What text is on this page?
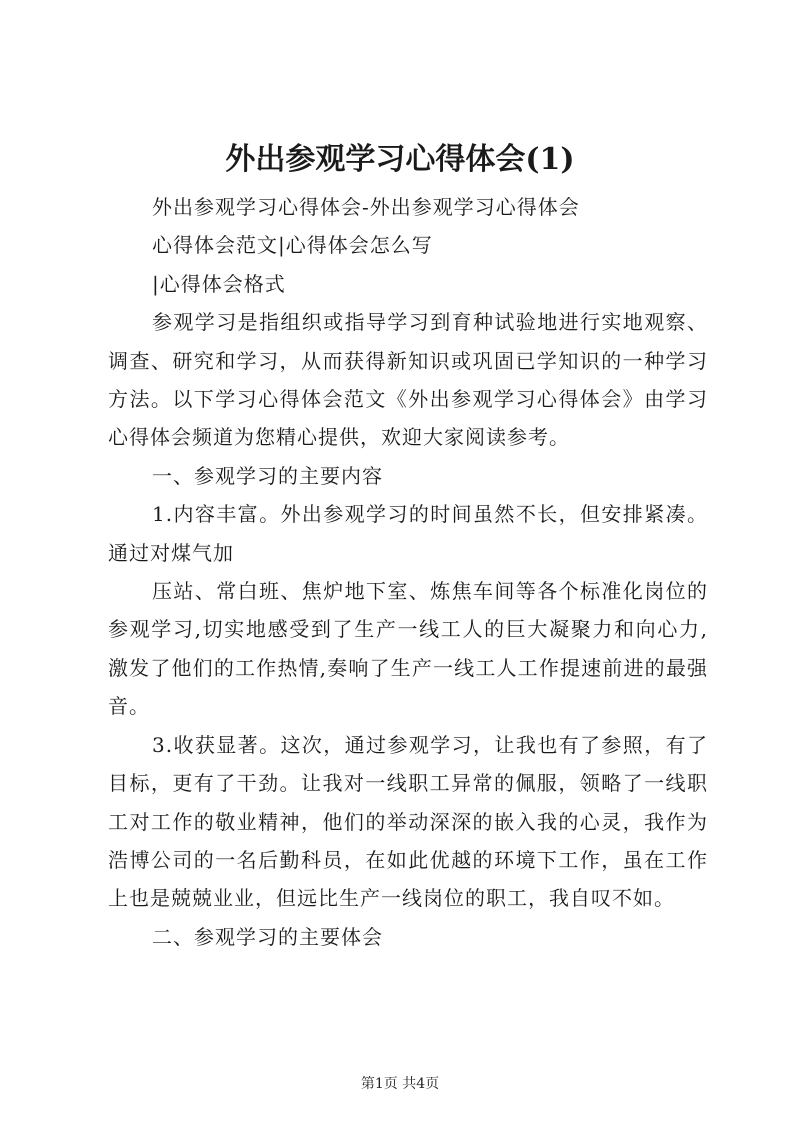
外出参观学习心得体会(1)

外出参观学习心得体会-外出参观学习心得体会

心得体会范文|心得体会怎么写

|心得体会格式

参观学习是指组织或指导学习到育种试验地进行实地观察、调查、研究和学习，从而获得新知识或巩固已学知识的一种学习方法。以下学习心得体会范文《外出参观学习心得体会》由学习心得体会频道为您精心提供，欢迎大家阅读参考。

一、参观学习的主要内容

1.内容丰富。外出参观学习的时间虽然不长，但安排紧凑。通过对煤气加

压站、常白班、焦炉地下室、炼焦车间等各个标准化岗位的参观学习,切实地感受到了生产一线工人的巨大凝聚力和向心力,激发了他们的工作热情,奏响了生产一线工人工作提速前进的最强音。

3.收获显著。这次，通过参观学习，让我也有了参照，有了目标，更有了干劲。让我对一线职工异常的佩服，领略了一线职工对工作的敬业精神，他们的举动深深的嵌入我的心灵，我作为浩博公司的一名后勤科员，在如此优越的环境下工作，虽在工作上也是兢兢业业，但远比生产一线岗位的职工，我自叹不如。

二、参观学习的主要体会

第1页 共4页
